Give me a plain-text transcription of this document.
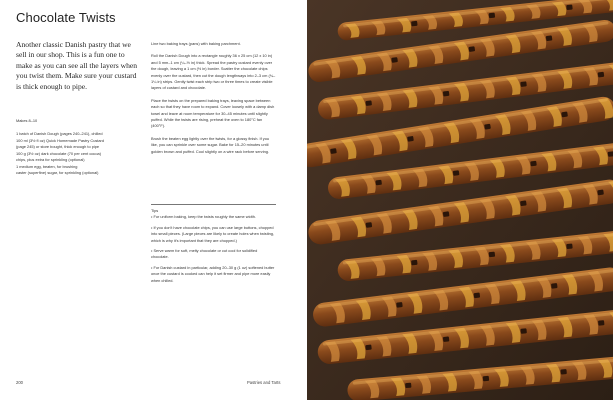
Chocolate Twists
Another classic Danish pastry that we sell in our shop. This is a fun one to make as you can see all the layers when you twist them. Make sure your custard is thick enough to pipe.
Makes 8–10
1 batch of Danish Dough (pages 240–241), chilled
100 ml (3½ fl oz) Quick Homemade Pastry Custard
(page 245) or store bought, thick enough to pipe
100 g (3½ oz) dark chocolate (70 per cent cocoa)
chips, plus extra for sprinkling (optional)
1 medium egg, beaten, for brushing
caster (superfine) sugar, for sprinkling (optional)

Line two baking trays (pans) with baking parchment.

Roll the Danish Dough into a rectangle roughly 36 x 25 cm (12 x 10 in) and 5 mm–1 cm (¼–½ in) thick. Spread the pastry custard evenly over the dough, leaving a 1 cm (½ in) border. Scatter the chocolate chips evenly over the custard, then cut the dough lengthways into 2–3 cm (¾–1¼ in) strips. Gently twist each strip two or three times to create visible layers of custard and chocolate.

Place the twists on the prepared baking trays, leaving space between each so that they have room to expand. Cover loosely with a damp dish towel and leave at room temperature for 30–45 minutes until slightly puffed. While the twists are rising, preheat the oven to 180°C fan (400°F).

Brush the beaten egg lightly over the twists, for a glossy finish. If you like, you can sprinkle over some sugar. Bake for 15–20 minutes until golden brown and puffed. Cool slightly on a wire rack before serving.

Tips
• For uniform baking, keep the twists roughly the same width.
• If you don't have chocolate chips, you can use large buttons, chopped into small pieces. (Large pieces are likely to create holes when twisting, which is why it's important that they are chopped.)
• Serve warm for soft, melty chocolate or cut cool for solidified chocolate.
• For Danish custard in particular, adding 20–30 g (1 oz) softened butter once the custard is cooked can help it set firmer and pipe more easily when chilled.
200	Pastries and Tarts
